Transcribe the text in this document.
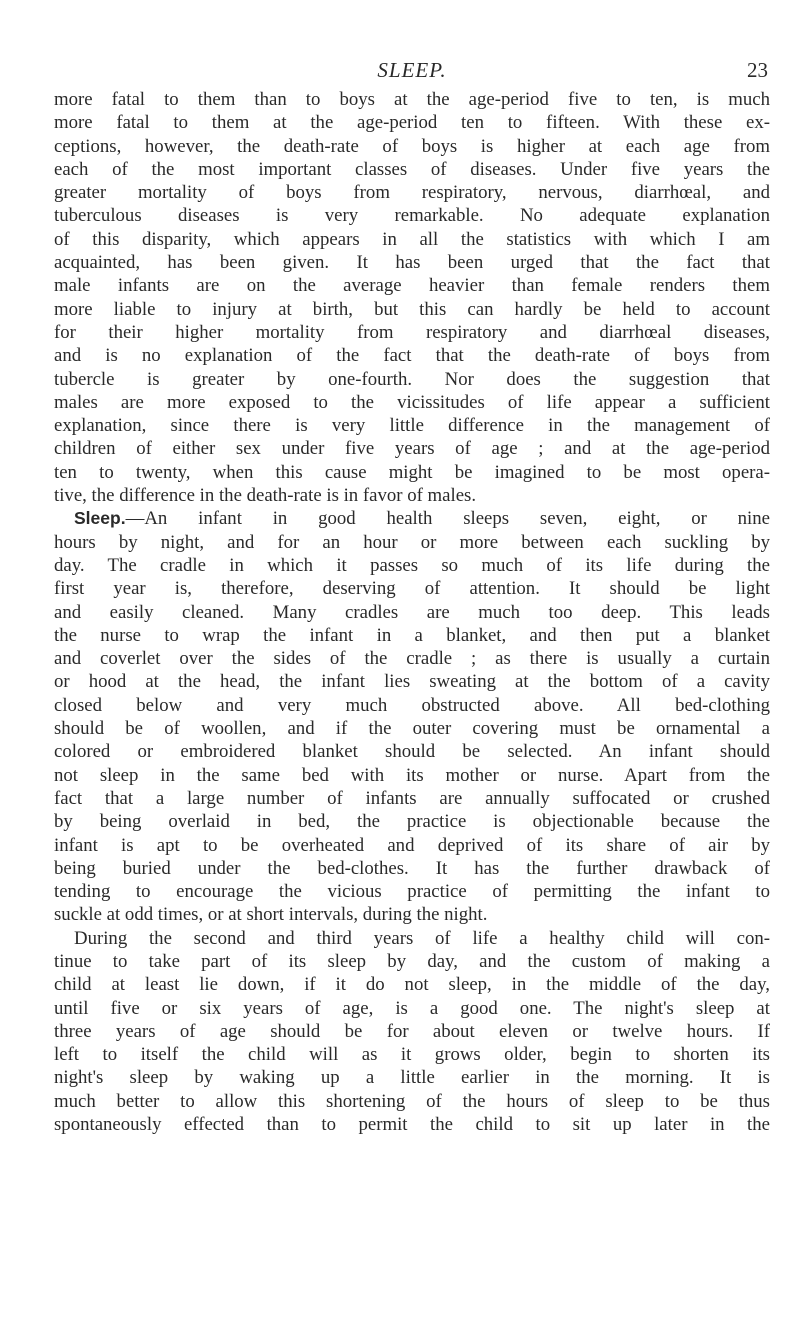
SLEEP.	23
more fatal to them than to boys at the age-period five to ten, is much
more fatal to them at the age-period ten to fifteen. With these ex-
ceptions, however, the death-rate of boys is higher at each age from
each of the most important classes of diseases. Under five years the
greater mortality of boys from respiratory, nervous, diarrhœal, and
tuberculous diseases is very remarkable. No adequate explanation
of this disparity, which appears in all the statistics with which I am
acquainted, has been given. It has been urged that the fact that
male infants are on the average heavier than female renders them
more liable to injury at birth, but this can hardly be held to account
for their higher mortality from respiratory and diarrhœal diseases,
and is no explanation of the fact that the death-rate of boys from
tubercle is greater by one-fourth. Nor does the suggestion that
males are more exposed to the vicissitudes of life appear a sufficient
explanation, since there is very little difference in the management of
children of either sex under five years of age ; and at the age-period
ten to twenty, when this cause might be imagined to be most opera-
tive, the difference in the death-rate is in favor of males.
Sleep.—An infant in good health sleeps seven, eight, or nine
hours by night, and for an hour or more between each suckling by
day. The cradle in which it passes so much of its life during the
first year is, therefore, deserving of attention. It should be light
and easily cleaned. Many cradles are much too deep. This leads
the nurse to wrap the infant in a blanket, and then put a blanket
and coverlet over the sides of the cradle ; as there is usually a curtain
or hood at the head, the infant lies sweating at the bottom of a cavity
closed below and very much obstructed above. All bed-clothing
should be of woollen, and if the outer covering must be ornamental a
colored or embroidered blanket should be selected. An infant should
not sleep in the same bed with its mother or nurse. Apart from the
fact that a large number of infants are annually suffocated or crushed
by being overlaid in bed, the practice is objectionable because the
infant is apt to be overheated and deprived of its share of air by
being buried under the bed-clothes. It has the further drawback of
tending to encourage the vicious practice of permitting the infant to
suckle at odd times, or at short intervals, during the night.
During the second and third years of life a healthy child will con-
tinue to take part of its sleep by day, and the custom of making a
child at least lie down, if it do not sleep, in the middle of the day,
until five or six years of age, is a good one. The night's sleep at
three years of age should be for about eleven or twelve hours. If
left to itself the child will as it grows older, begin to shorten its
night's sleep by waking up a little earlier in the morning. It is
much better to allow this shortening of the hours of sleep to be thus
spontaneously effected than to permit the child to sit up later in the
